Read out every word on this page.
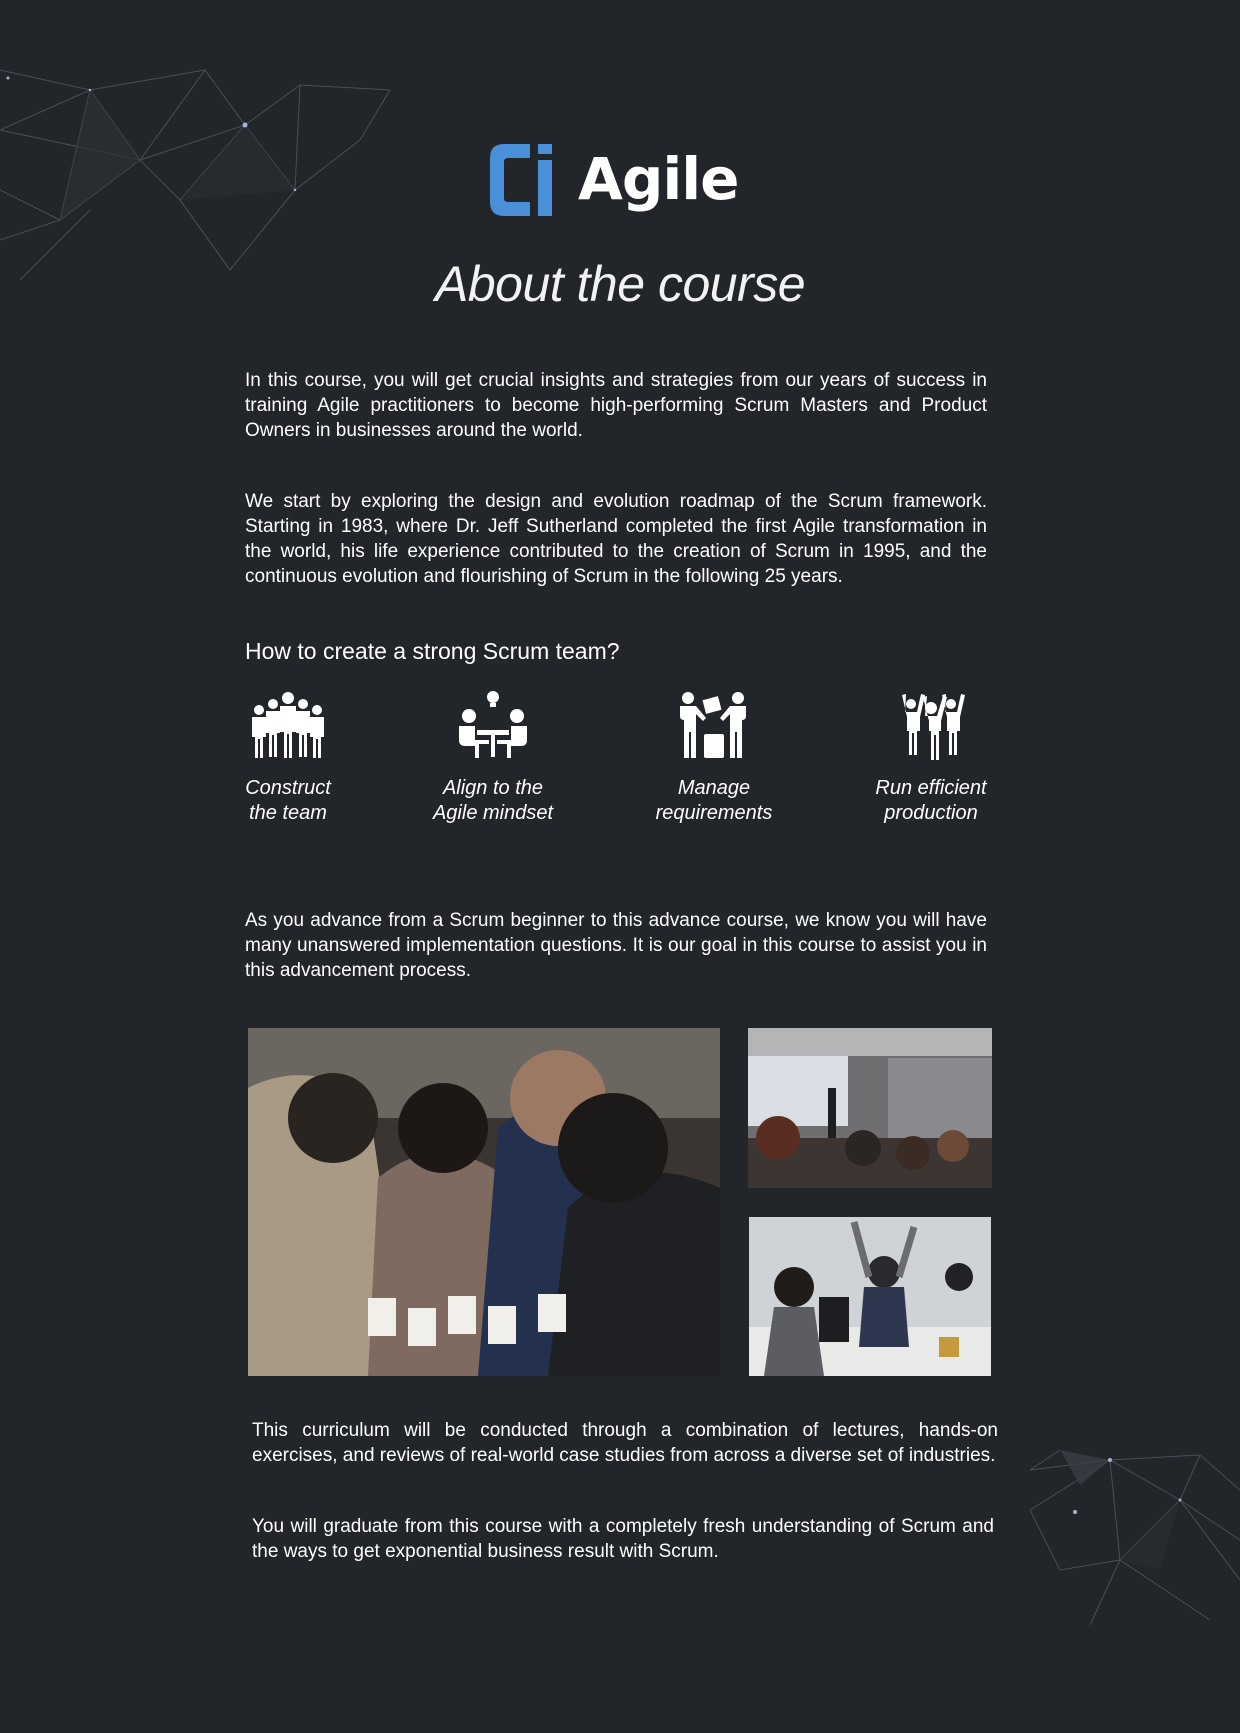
Agile
About the course

In this course, you will get crucial insights and strategies from our years of success in training Agile practitioners to become high-performing Scrum Masters and Product Owners in businesses around the world.

We start by exploring the design and evolution roadmap of the Scrum framework. Starting in 1983, where Dr. Jeff Sutherland completed the first Agile transformation in the world, his life experience contributed to the creation of Scrum in 1995, and the continuous evolution and flourishing of Scrum in the following 25 years.

How to create a strong Scrum team?
Construct
the team
Align to the
Agile mindset
Manage
requirements
Run efficient
production

As you advance from a Scrum beginner to this advance course, we know you will have many unanswered implementation questions. It is our goal in this course to assist you in this advancement process.

This curriculum will be conducted through a combination of lectures, hands-on exercises, and reviews of real-world case studies from across a diverse set of industries.

You will graduate from this course with a completely fresh understanding of Scrum and the ways to get exponential business result with Scrum.
